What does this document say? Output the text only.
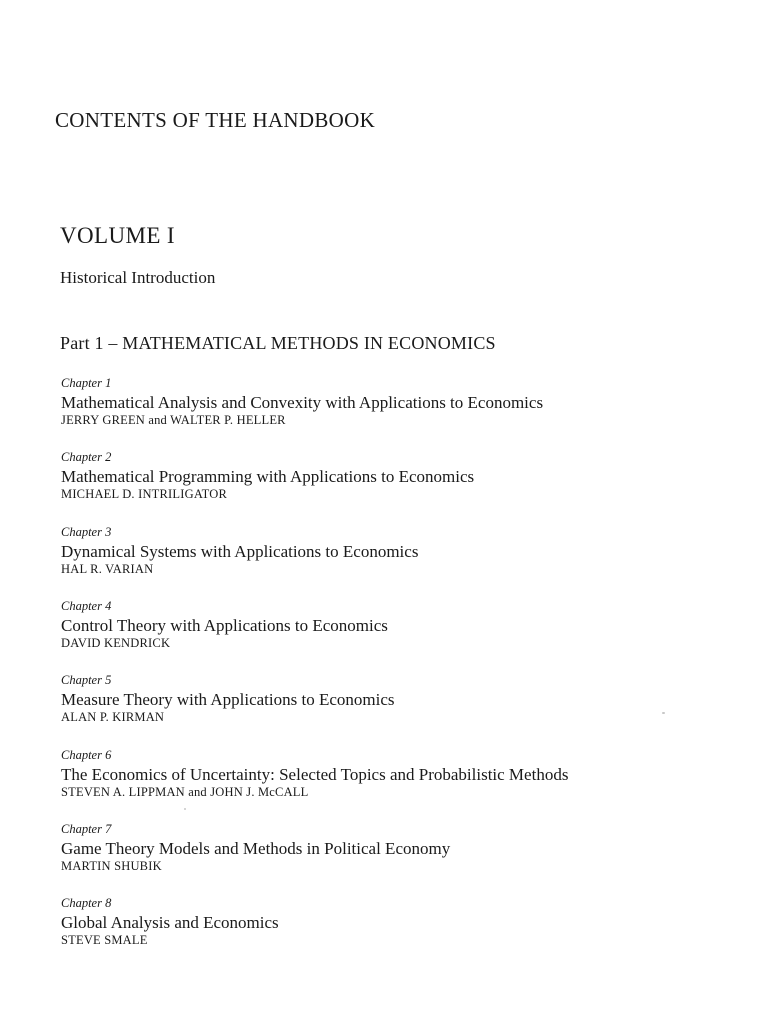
CONTENTS OF THE HANDBOOK
VOLUME I
Historical Introduction
Part 1 – MATHEMATICAL METHODS IN ECONOMICS
Chapter 1
Mathematical Analysis and Convexity with Applications to Economics
JERRY GREEN and WALTER P. HELLER
Chapter 2
Mathematical Programming with Applications to Economics
MICHAEL D. INTRILIGATOR
Chapter 3
Dynamical Systems with Applications to Economics
HAL R. VARIAN
Chapter 4
Control Theory with Applications to Economics
DAVID KENDRICK
Chapter 5
Measure Theory with Applications to Economics
ALAN P. KIRMAN
Chapter 6
The Economics of Uncertainty: Selected Topics and Probabilistic Methods
STEVEN A. LIPPMAN and JOHN J. McCALL
Chapter 7
Game Theory Models and Methods in Political Economy
MARTIN SHUBIK
Chapter 8
Global Analysis and Economics
STEVE SMALE
